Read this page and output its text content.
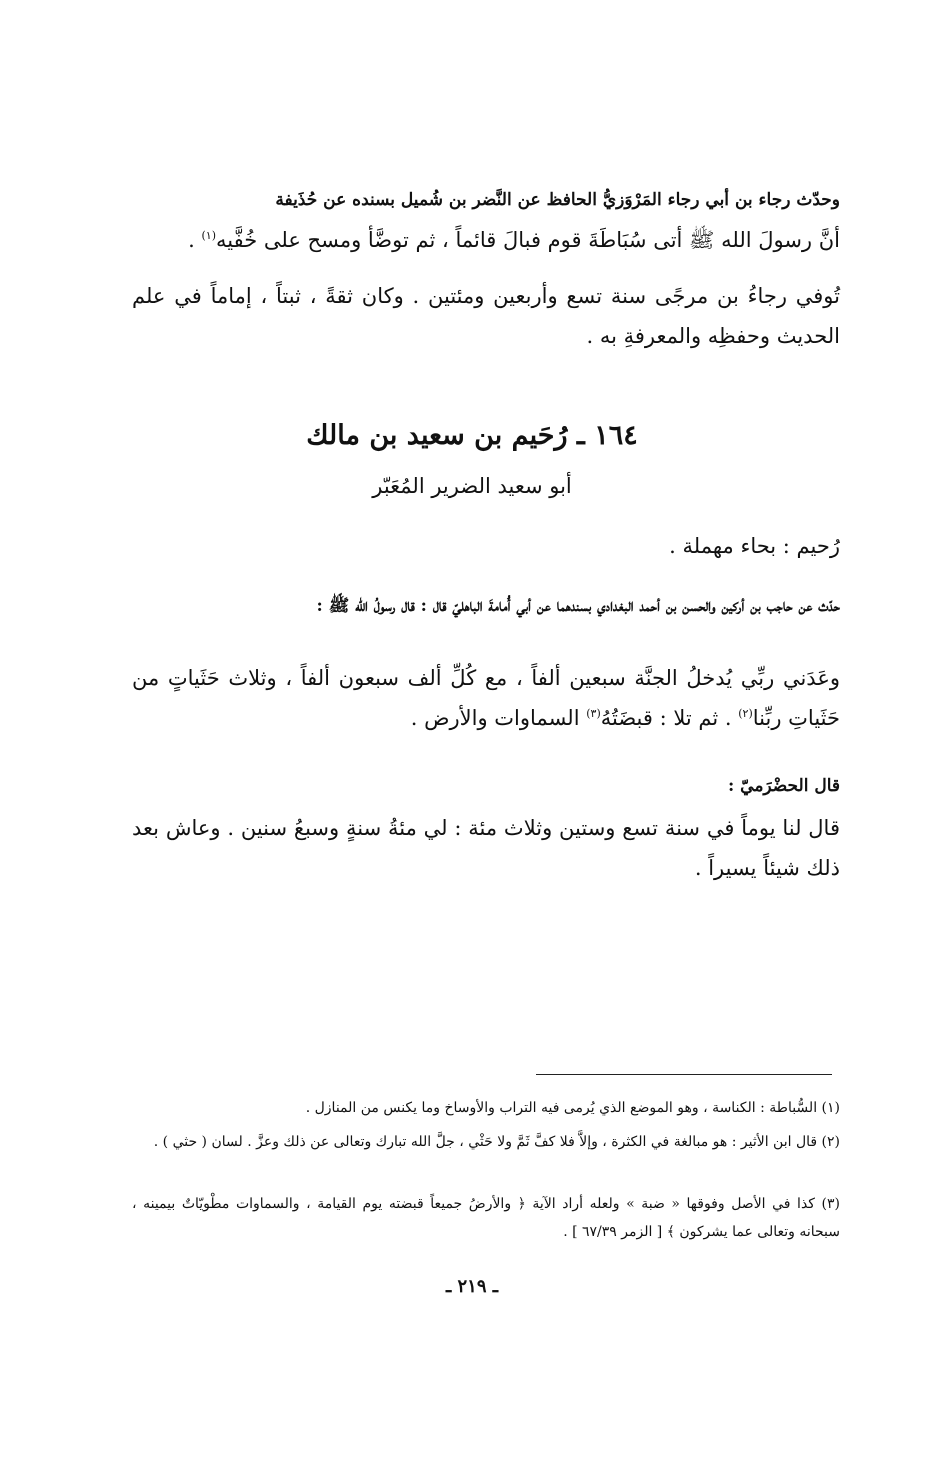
وحدّث رجاء بن أبي رجاء المَرْوَزيُّ الحافظ عن النَّضر بن شُميل بسنده عن حُذَيفة

أنَّ رسولَ الله ﷺ أتى سُبَاطَةَ قوم فبالَ قائماً ، ثم توضَّأ ومسح على خُفَّيه$^{(١)}$ .

تُوفي رجاءُ بن مرجًى سنة تسع وأربعين ومئتين . وكان ثقةً ، ثبتاً ، إماماً في علم الحديث وحفظِه والمعرفةِ به .

١٦٤ ـ رُحَيم بن سعيد بن مالك

أبو سعيد الضرير المُعَبّر

رُحيم : بحاء مهملة .

حدّث عن حاجب بن أركين والحسن بن أحمد البغدادي بسندهما عن أبي أُمامةَ الباهليّ قال : قال رسولُ الله ﷺ :

وعَدَني ربِّي يُدخلُ الجنَّة سبعين ألفاً ، مع كُلِّ ألف سبعون ألفاً ، وثلاث حَثَياتٍ من حَثَياتِ ربِّنا$^{(٢)}$ . ثم تلا : قبضَتُهُ$^{(٣)}$ السماوات والأرض .

قال الحضْرَميّ :

قال لنا يوماً في سنة تسع وستين وثلاث مئة : لي مئةُ سنةٍ وسبعُ سنين . وعاش بعد ذلك شيئاً يسيراً .

(١) السُّباطة : الكناسة ، وهو الموضع الذي يُرمى فيه التراب والأوساخ وما يكنس من المنازل .

(٢) قال ابن الأثير : هو مبالغة في الكثرة ، وإلاَّ فلا كفَّ ثَمَّ ولا حَثْي ، جلَّ الله تبارك وتعالى عن ذلك وعزَّ . لسان ( حثي ) .

(٣) كذا في الأصل وفوقها « ضبة » ولعله أراد الآية ﴿ والأرضُ جميعاً قبضته يوم القيامة ، والسماوات مطْويّاتٌ بيمينه ، سبحانه وتعالى عما يشركون ﴾ [ الزمر ٦٧/٣٩ ] .

ـ ٢١٩ ـ
